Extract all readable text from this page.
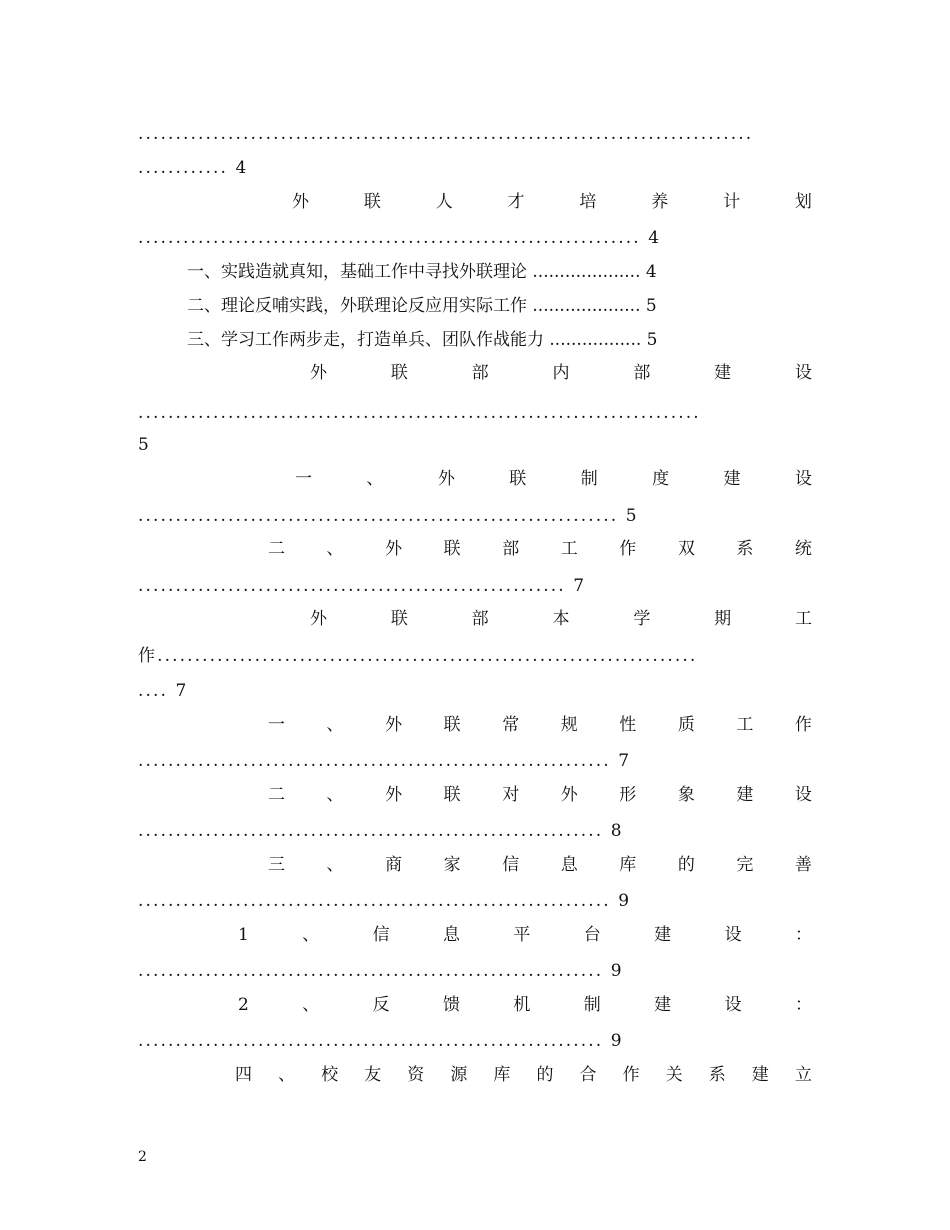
..................................................................................
............ 4
外	联	人	才	培	养	计	划
................................................................... 4
一、实践造就真知，基础工作中寻找外联理论 .................... 4
二、理论反哺实践，外联理论反应用实际工作 .................... 5
三、学习工作两步走，打造单兵、团队作战能力 ................. 5
外	联	部	内	部	建	设
...........................................................................
5
一	、	外	联	制	度	建	设
................................................................ 5
二 、 外 联 部 工 作 双 系 统
......................................................... 7
外	联	部	本	学	期	工
作........................................................................
.... 7
一 、 外 联 常 规 性 质 工 作
............................................................... 7
二 、 外 联 对 外 形 象 建 设
.............................................................. 8
三 、 商 家 信 息 库 的 完 善
............................................................... 9
1	、	信	息	平	台	建	设	：
.............................................................. 9
2	、	反	馈	机	制	建	设	：
.............................................................. 9
四 、 校 友 资 源 库 的 合 作 关 系 建 立
2
